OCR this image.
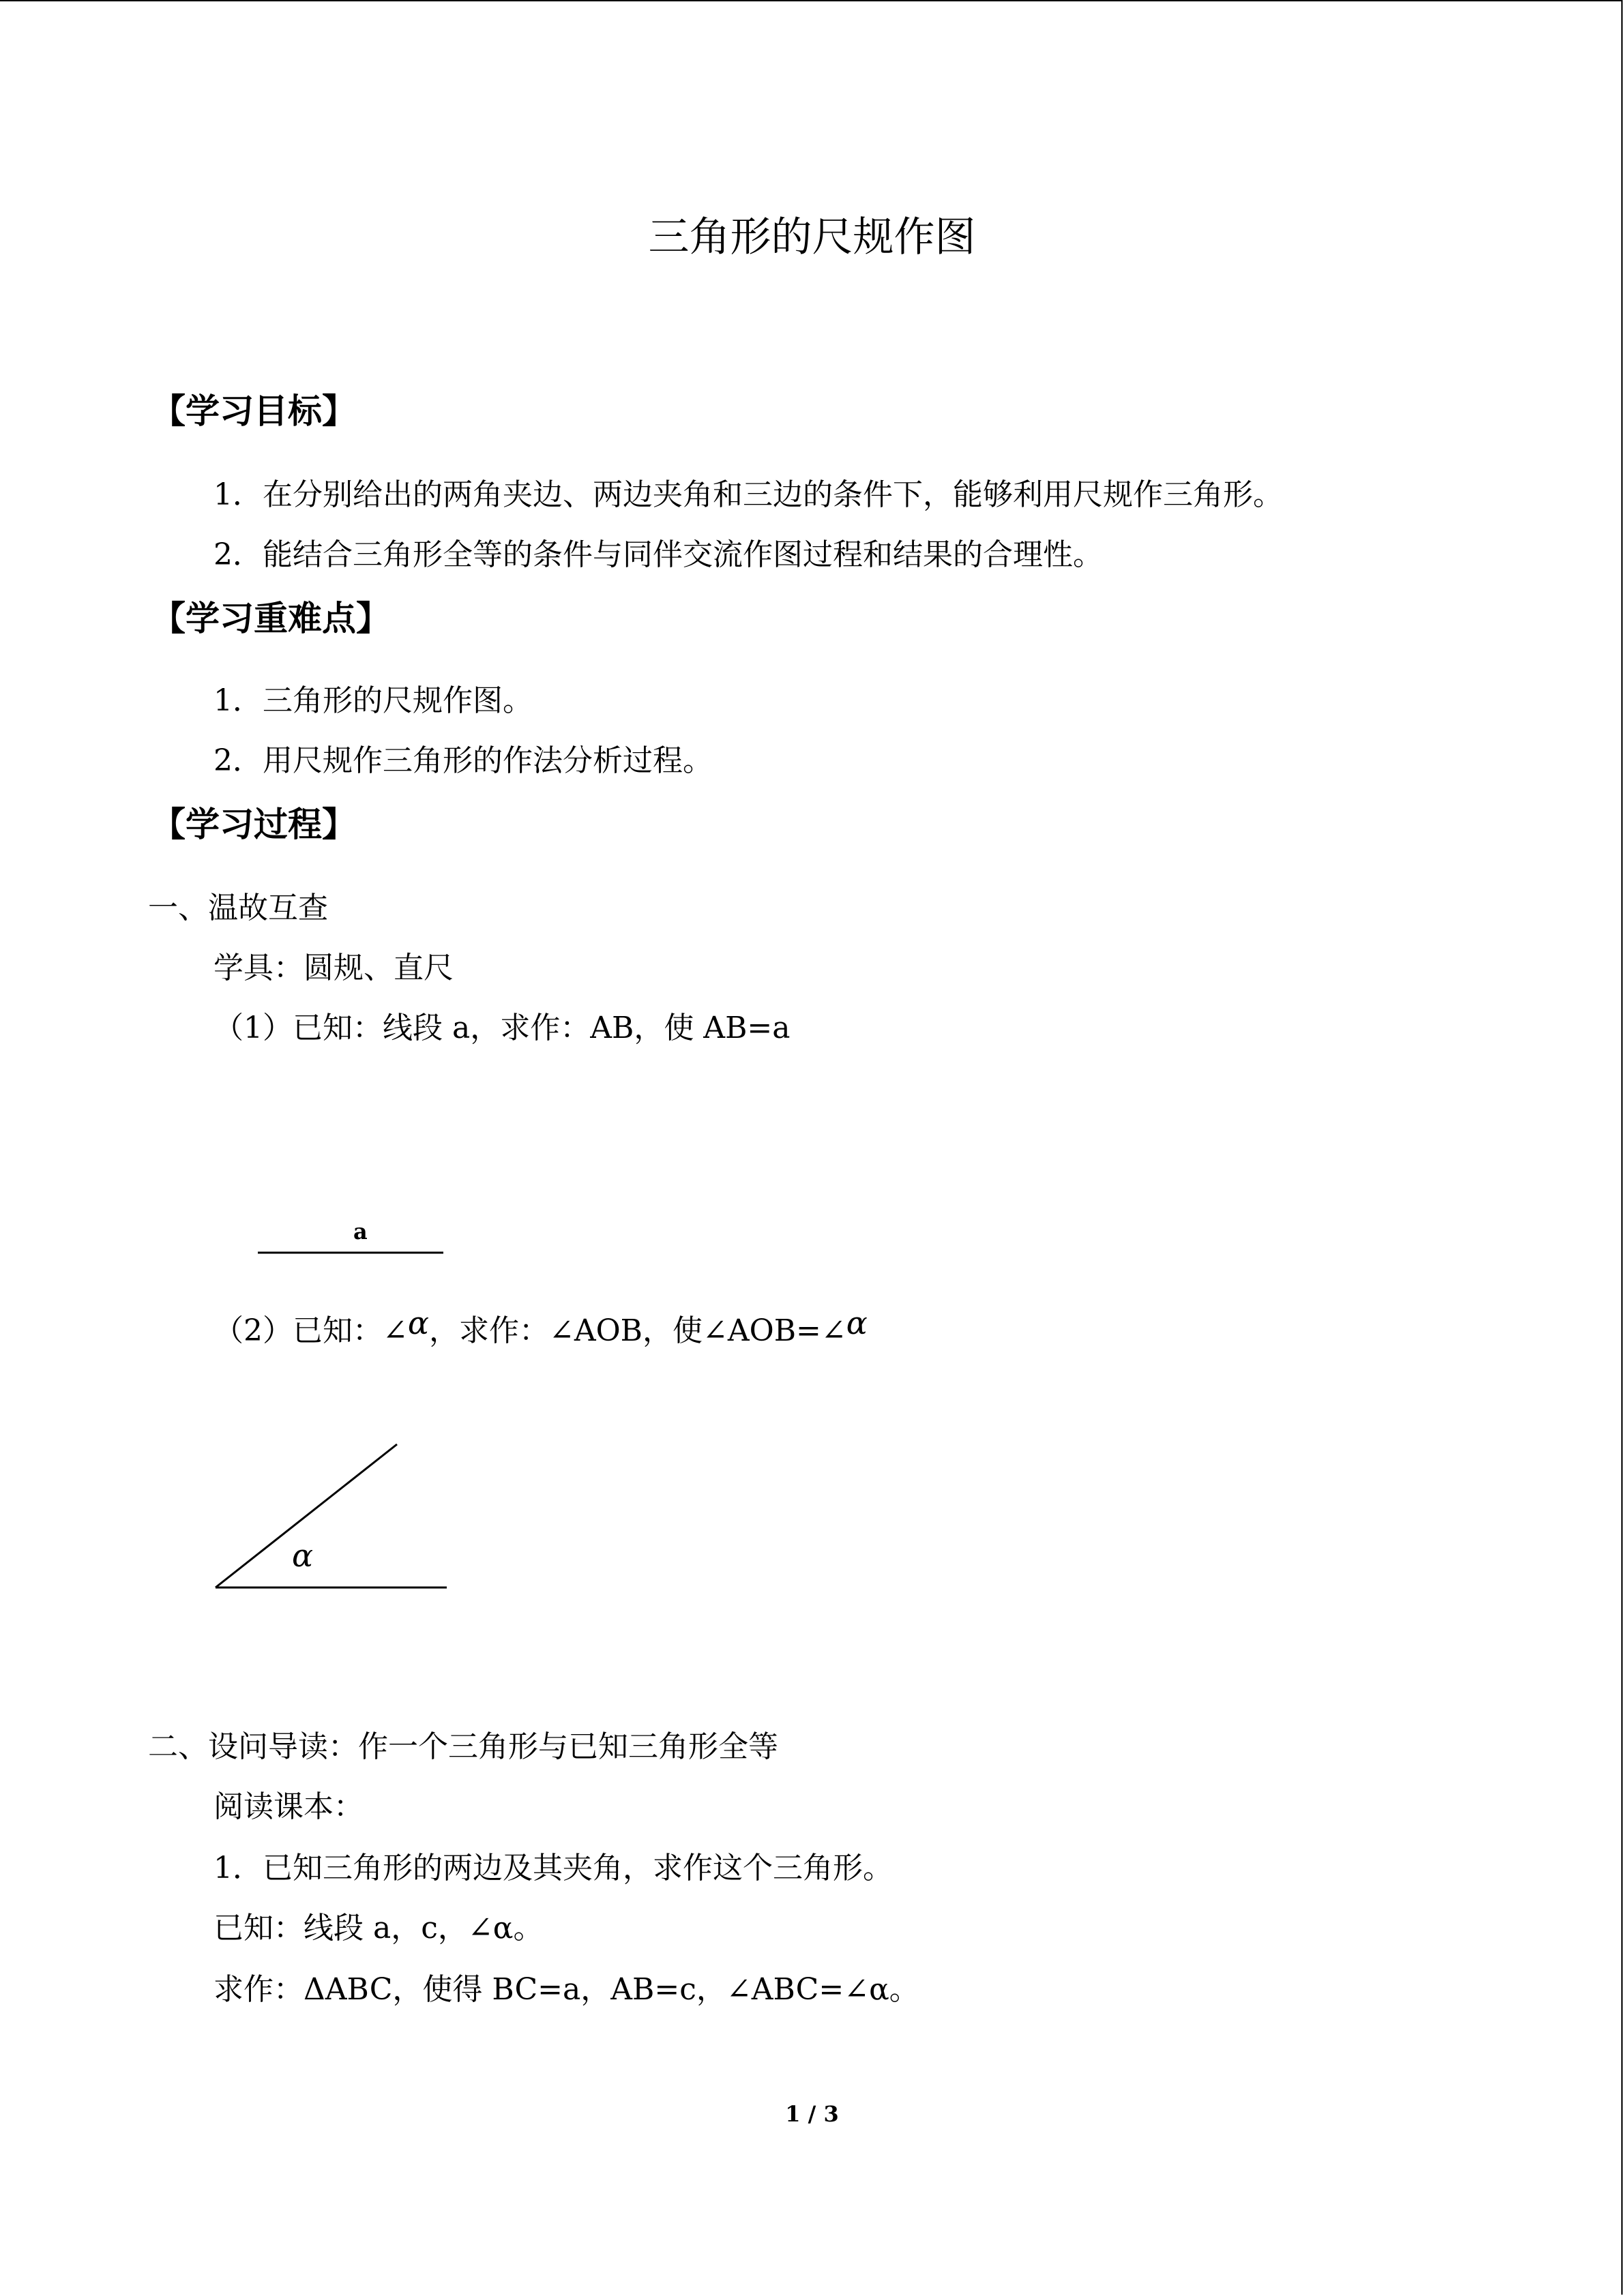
三角形的尺规作图
【学习目标】
1．在分别给出的两角夹边、两边夹角和三边的条件下，能够利用尺规作三角形。
2．能结合三角形全等的条件与同伴交流作图过程和结果的合理性。
【学习重难点】
1．三角形的尺规作图。
2．用尺规作三角形的作法分析过程。
【学习过程】
一、温故互查
学具：圆规、直尺
（1）已知：线段 a，求作：AB，使 AB=a
a
（2）已知：∠α，求作：∠AOB，使∠AOB=∠α
α
二、设问导读：作一个三角形与已知三角形全等
阅读课本：
1．已知三角形的两边及其夹角，求作这个三角形。
已知：线段 a，c，∠α。
求作：ΔABC，使得 BC=a，AB=c，∠ABC=∠α。
1 / 3
